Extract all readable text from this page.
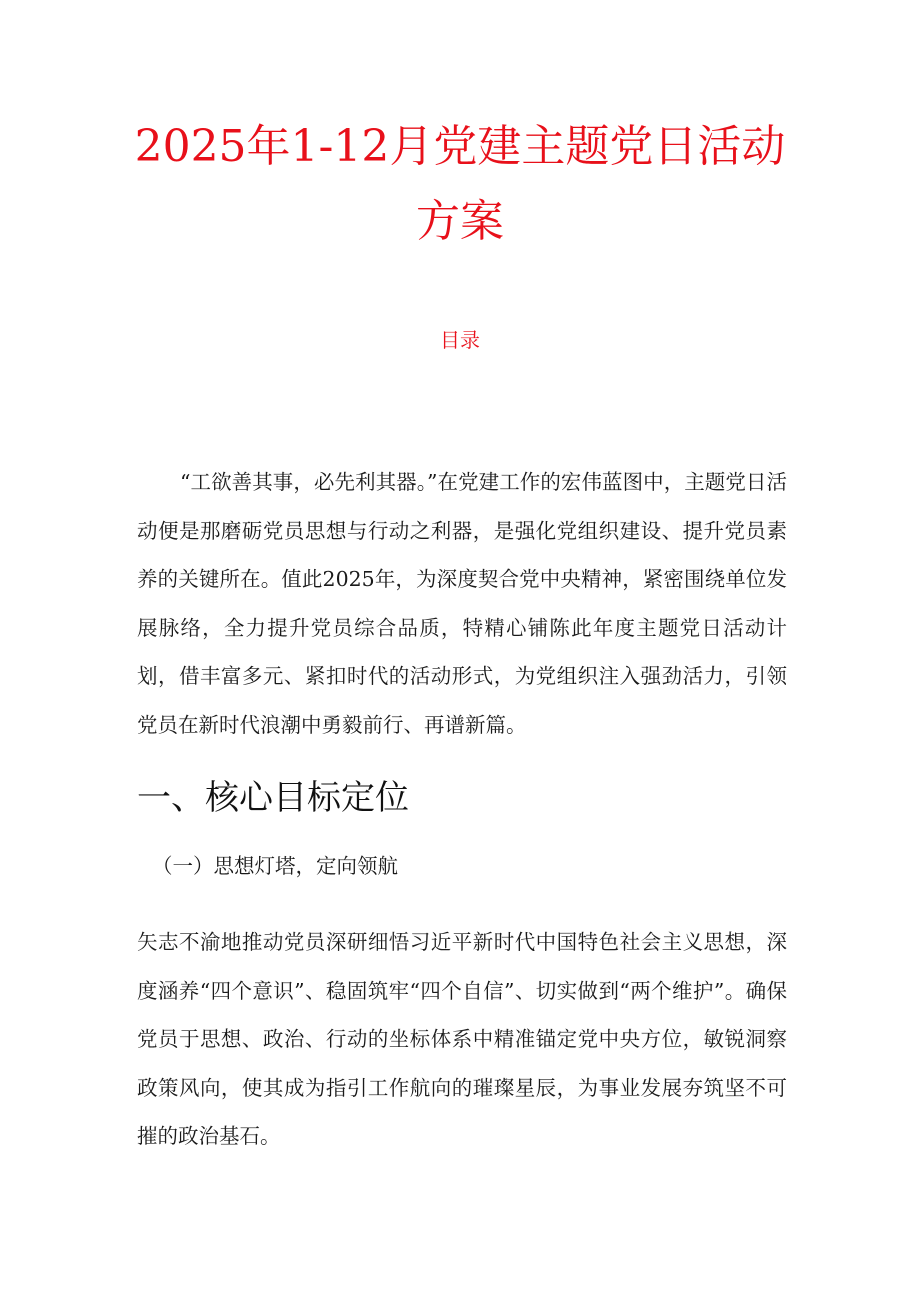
2025年1-12月党建主题党日活动
方案
目录

“工欲善其事，必先利其器。”在党建工作的宏伟蓝图中，主题党日活动便是那磨砺党员思想与行动之利器，是强化党组织建设、提升党员素养的关键所在。值此2025年，为深度契合党中央精神，紧密围绕单位发展脉络，全力提升党员综合品质，特精心铺陈此年度主题党日活动计划，借丰富多元、紧扣时代的活动形式，为党组织注入强劲活力，引领党员在新时代浪潮中勇毅前行、再谱新篇。

一、核心目标定位
（一）思想灯塔，定向领航

矢志不渝地推动党员深研细悟习近平新时代中国特色社会主义思想，深度涵养“四个意识”、稳固筑牢“四个自信”、切实做到“两个维护”。确保党员于思想、政治、行动的坐标体系中精准锚定党中央方位，敏锐洞察政策风向，使其成为指引工作航向的璀璨星辰，为事业发展夯筑坚不可摧的政治基石。
